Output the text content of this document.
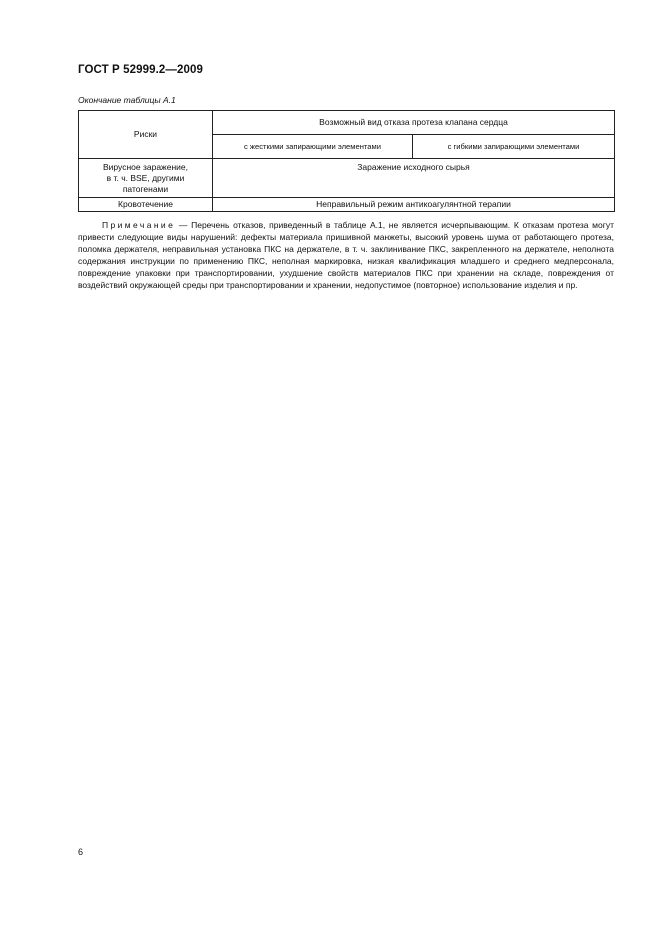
ГОСТ Р 52999.2—2009
Окончание таблицы А.1
Риски	Возможный вид отказа протеза клапана сердца	
	с жесткими запирающими элементами	с гибкими запирающими элементами
Вирусное заражение,
в т. ч. BSE, другими
патогенами	Заражение исходного сырья	
Кровотечение	Неправильный режим антикоагулянтной терапии	
Примечание — Перечень отказов, приведенный в таблице А.1, не является исчерпывающим. К отказам протеза могут привести следующие виды нарушений: дефекты материала пришивной манжеты, высокий уровень шума от работающего протеза, поломка держателя, неправильная установка ПКС на держателе, в т. ч. заклинивание ПКС, закрепленного на держателе, неполнота содержания инструкции по применению ПКС, неполная маркировка, низкая квалификация младшего и среднего медперсонала, повреждение упаковки при транспортировании, ухудшение свойств материалов ПКС при хранении на складе, повреждения от воздействий окружающей среды при транспортировании и хранении, недопустимое (повторное) использование изделия и пр.
6
